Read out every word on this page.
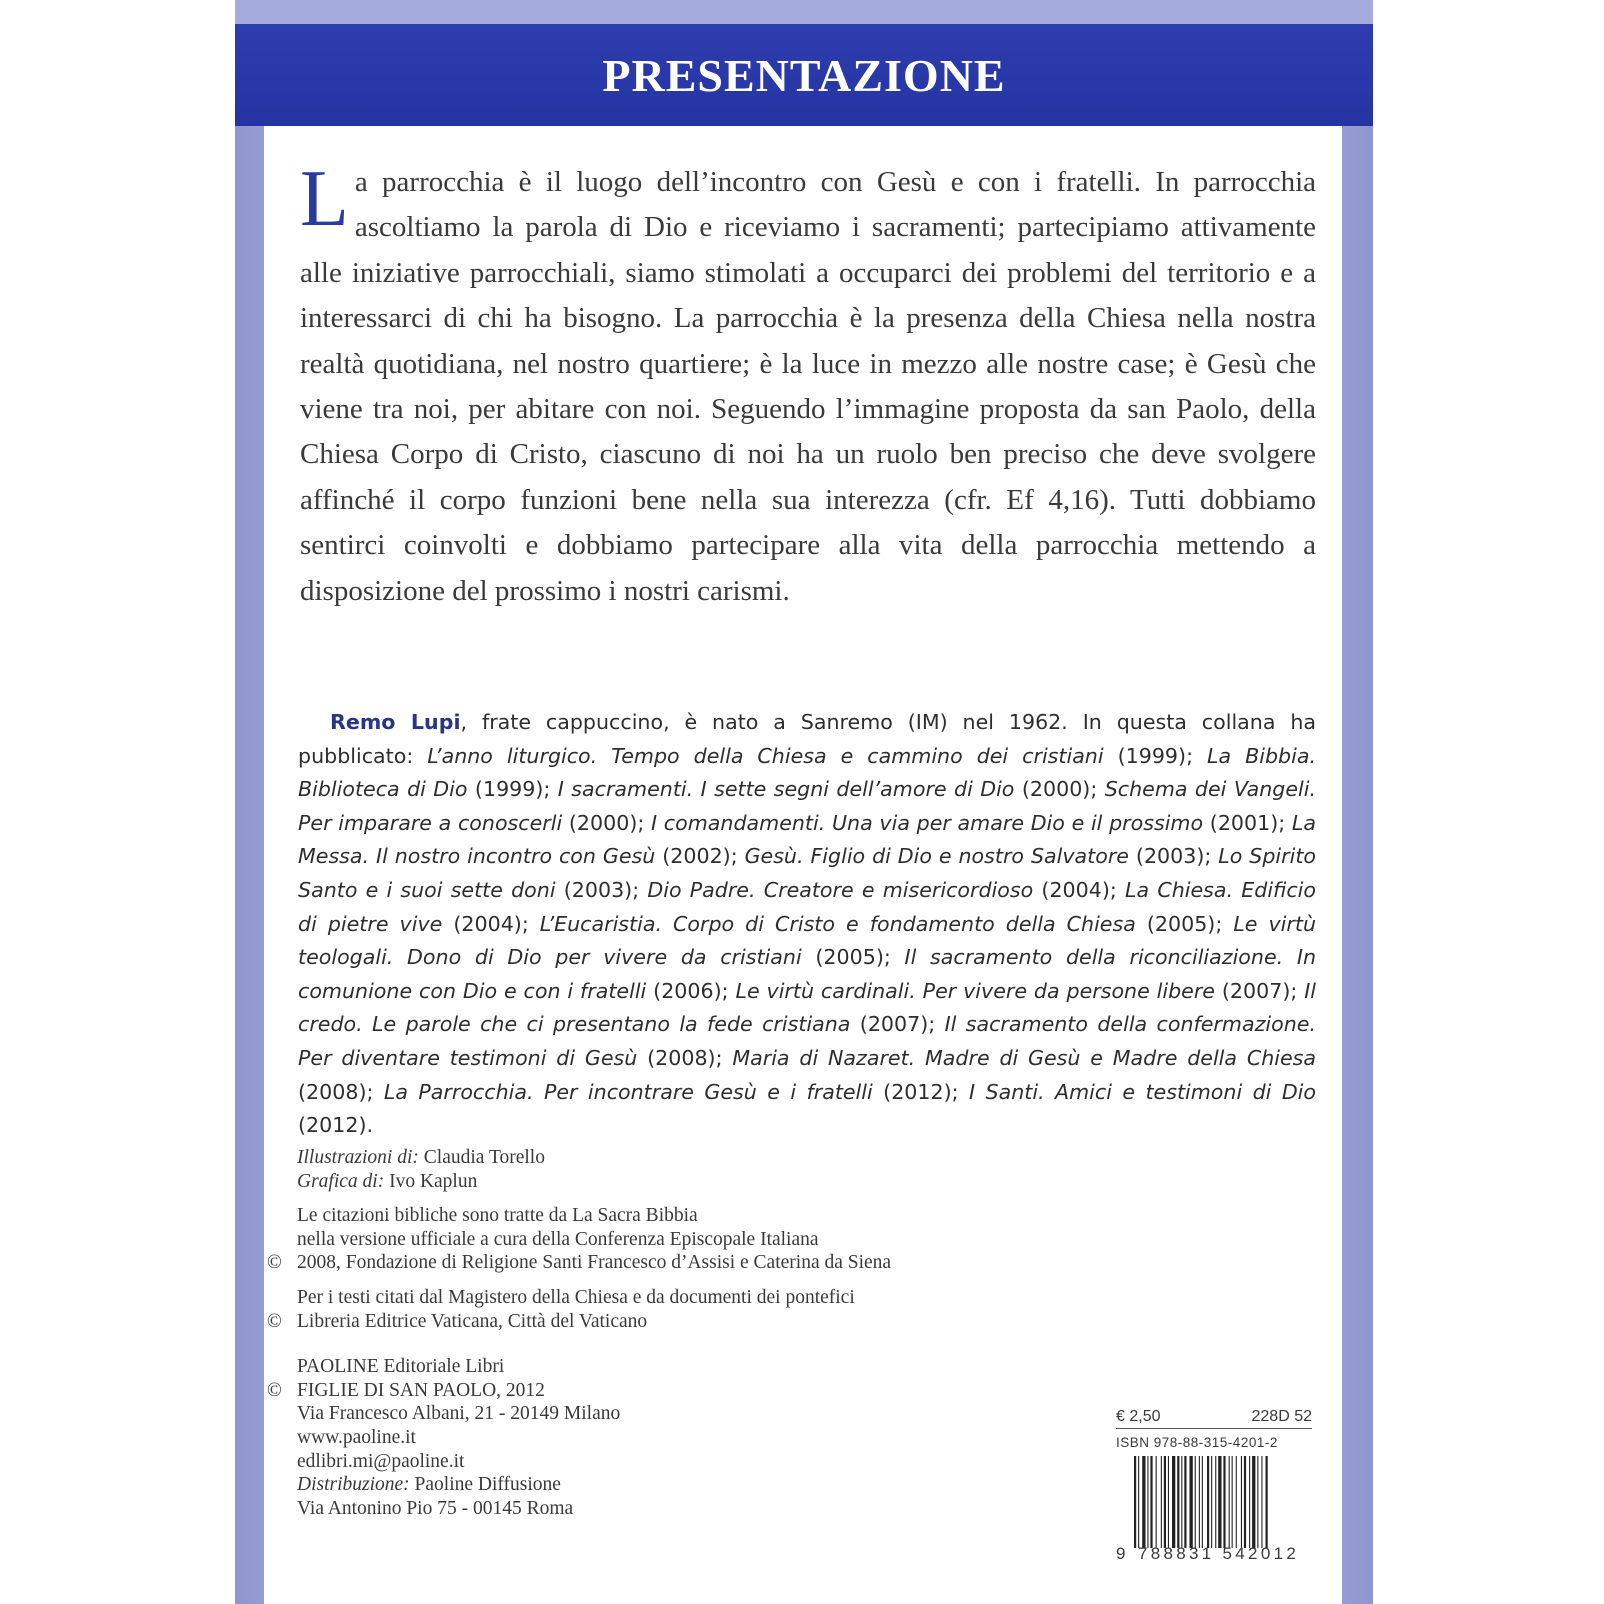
PRESENTAZIONE

La parrocchia è il luogo dell’incontro con Gesù e con i fratelli. In parrocchia ascoltiamo la parola di Dio e riceviamo i sacramenti; partecipiamo attivamente alle iniziative parrocchiali, siamo stimolati a occuparci dei problemi del territorio e a interessarci di chi ha bisogno. La parrocchia è la presenza della Chiesa nella nostra realtà quotidiana, nel nostro quartiere; è la luce in mezzo alle nostre case; è Gesù che viene tra noi, per abitare con noi. Seguendo l’immagine proposta da san Paolo, della Chiesa Corpo di Cristo, ciascuno di noi ha un ruolo ben preciso che deve svolgere affinché il corpo funzioni bene nella sua interezza (cfr. Ef 4,16). Tutti dobbiamo sentirci coinvolti e dobbiamo partecipare alla vita della parrocchia mettendo a disposizione del prossimo i nostri carismi.

Remo Lupi, frate cappuccino, è nato a Sanremo (IM) nel 1962. In questa collana ha pubblicato: L’anno liturgico. Tempo della Chiesa e cammino dei cristiani (1999); La Bibbia. Biblioteca di Dio (1999); I sacramenti. I sette segni dell’amore di Dio (2000); Schema dei Vangeli. Per imparare a conoscerli (2000); I comandamenti. Una via per amare Dio e il prossimo (2001); La Messa. Il nostro incontro con Gesù (2002); Gesù. Figlio di Dio e nostro Salvatore (2003); Lo Spirito Santo e i suoi sette doni (2003); Dio Padre. Creatore e misericordioso (2004); La Chiesa. Edificio di pietre vive (2004); L’Eucaristia. Corpo di Cristo e fondamento della Chiesa (2005); Le virtù teologali. Dono di Dio per vivere da cristiani (2005); Il sacramento della riconciliazione. In comunione con Dio e con i fratelli (2006); Le virtù cardinali. Per vivere da persone libere (2007); Il credo. Le parole che ci presentano la fede cristiana (2007); Il sacramento della confermazione. Per diventare testimoni di Gesù (2008); Maria di Nazaret. Madre di Gesù e Madre della Chiesa (2008); La Parrocchia. Per incontrare Gesù e i fratelli (2012); I Santi. Amici e testimoni di Dio (2012).

Illustrazioni di: Claudia Torello
Grafica di: Ivo Kaplun
Le citazioni bibliche sono tratte da La Sacra Bibbia
nella versione ufficiale a cura della Conferenza Episcopale Italiana
© 2008, Fondazione di Religione Santi Francesco d’Assisi e Caterina da Siena
Per i testi citati dal Magistero della Chiesa e da documenti dei pontefici
© Libreria Editrice Vaticana, Città del Vaticano
PAOLINE Editoriale Libri
© FIGLIE DI SAN PAOLO, 2012
Via Francesco Albani, 21 - 20149 Milano
www.paoline.it
edlibri.mi@paoline.it
Distribuzione: Paoline Diffusione
Via Antonino Pio 75 - 00145 Roma
€ 2,50	228D 52
ISBN 978-88-315-4201-2
9 788831 542012
